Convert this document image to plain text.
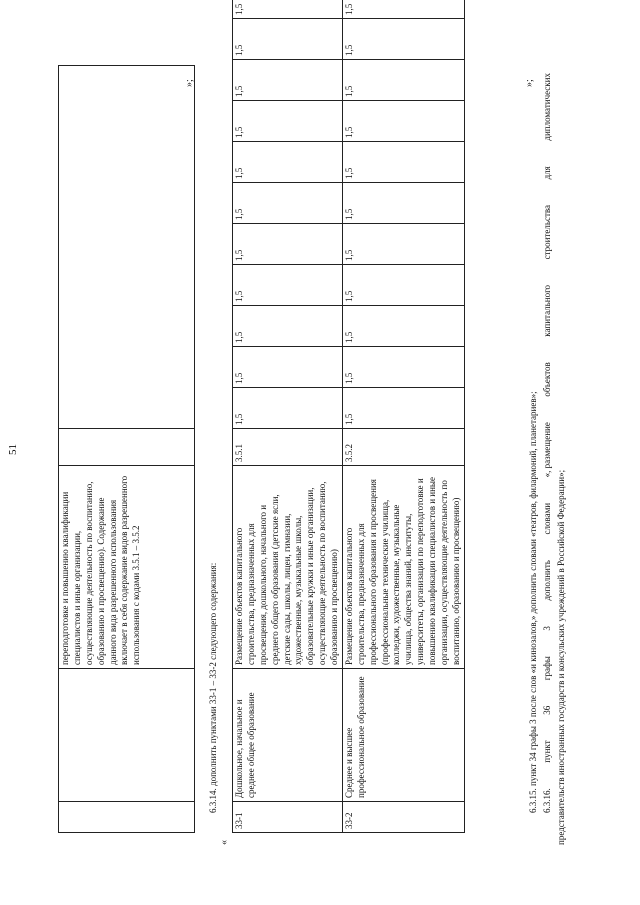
51
		переподготовке и повышению квалификации специалистов и иные организации, осуществляющие деятельность по воспитанию, образованию и просвещению). Содержание данного вида разрешенного использования включает в себя содержание видов разрешенного использования с кодами 3.5.1 – 3.5.2		
»;
6.3.14. дополнить пунктами 33-1 – 33-2 следующего содержания:
«
33-1	Дошкольное, начальное и среднее общее образование	Размещение объектов капитального строительства, предназначенных для просвещения, дошкольного, начального и среднего общего образования (детские ясли, детские сады, школы, лицеи, гимназии, художественные, музыкальные школы, образовательные кружки и иные организации, осуществляющие деятельность по воспитанию, образованию и просвещению)	3.5.1	1,5	1,5	1,5	1,5	1,5	1,5	1,5	1,5	1,5	1,5	1,5
33-2	Среднее и высшее профессиональное образование	Размещение объектов капитального строительства, предназначенных для профессионального образования и просвещения (профессиональные технические училища, колледжи, художественные, музыкальные училища, общества знаний, институты, университеты, организации по переподготовке и повышению квалификации специалистов и иные организации, осуществляющие деятельность по воспитанию, образованию и просвещению)	3.5.2	1,5	1,5	1,5	1,5	1,5	1,5	1,5	1,5	1,5	1,5	1,5
»;
6.3.15. пункт 34 графы 3 после слов «и кинозалов,» дополнить словами «театров, филармоний, планетариев»; 6.3.16.
пункт
36
графы
3
дополнить
словами
«, размещение
объектов
капитального
строительства
для
дипломатических
представительств иностранных государств и консульских учреждений в Российской Федерации»;
